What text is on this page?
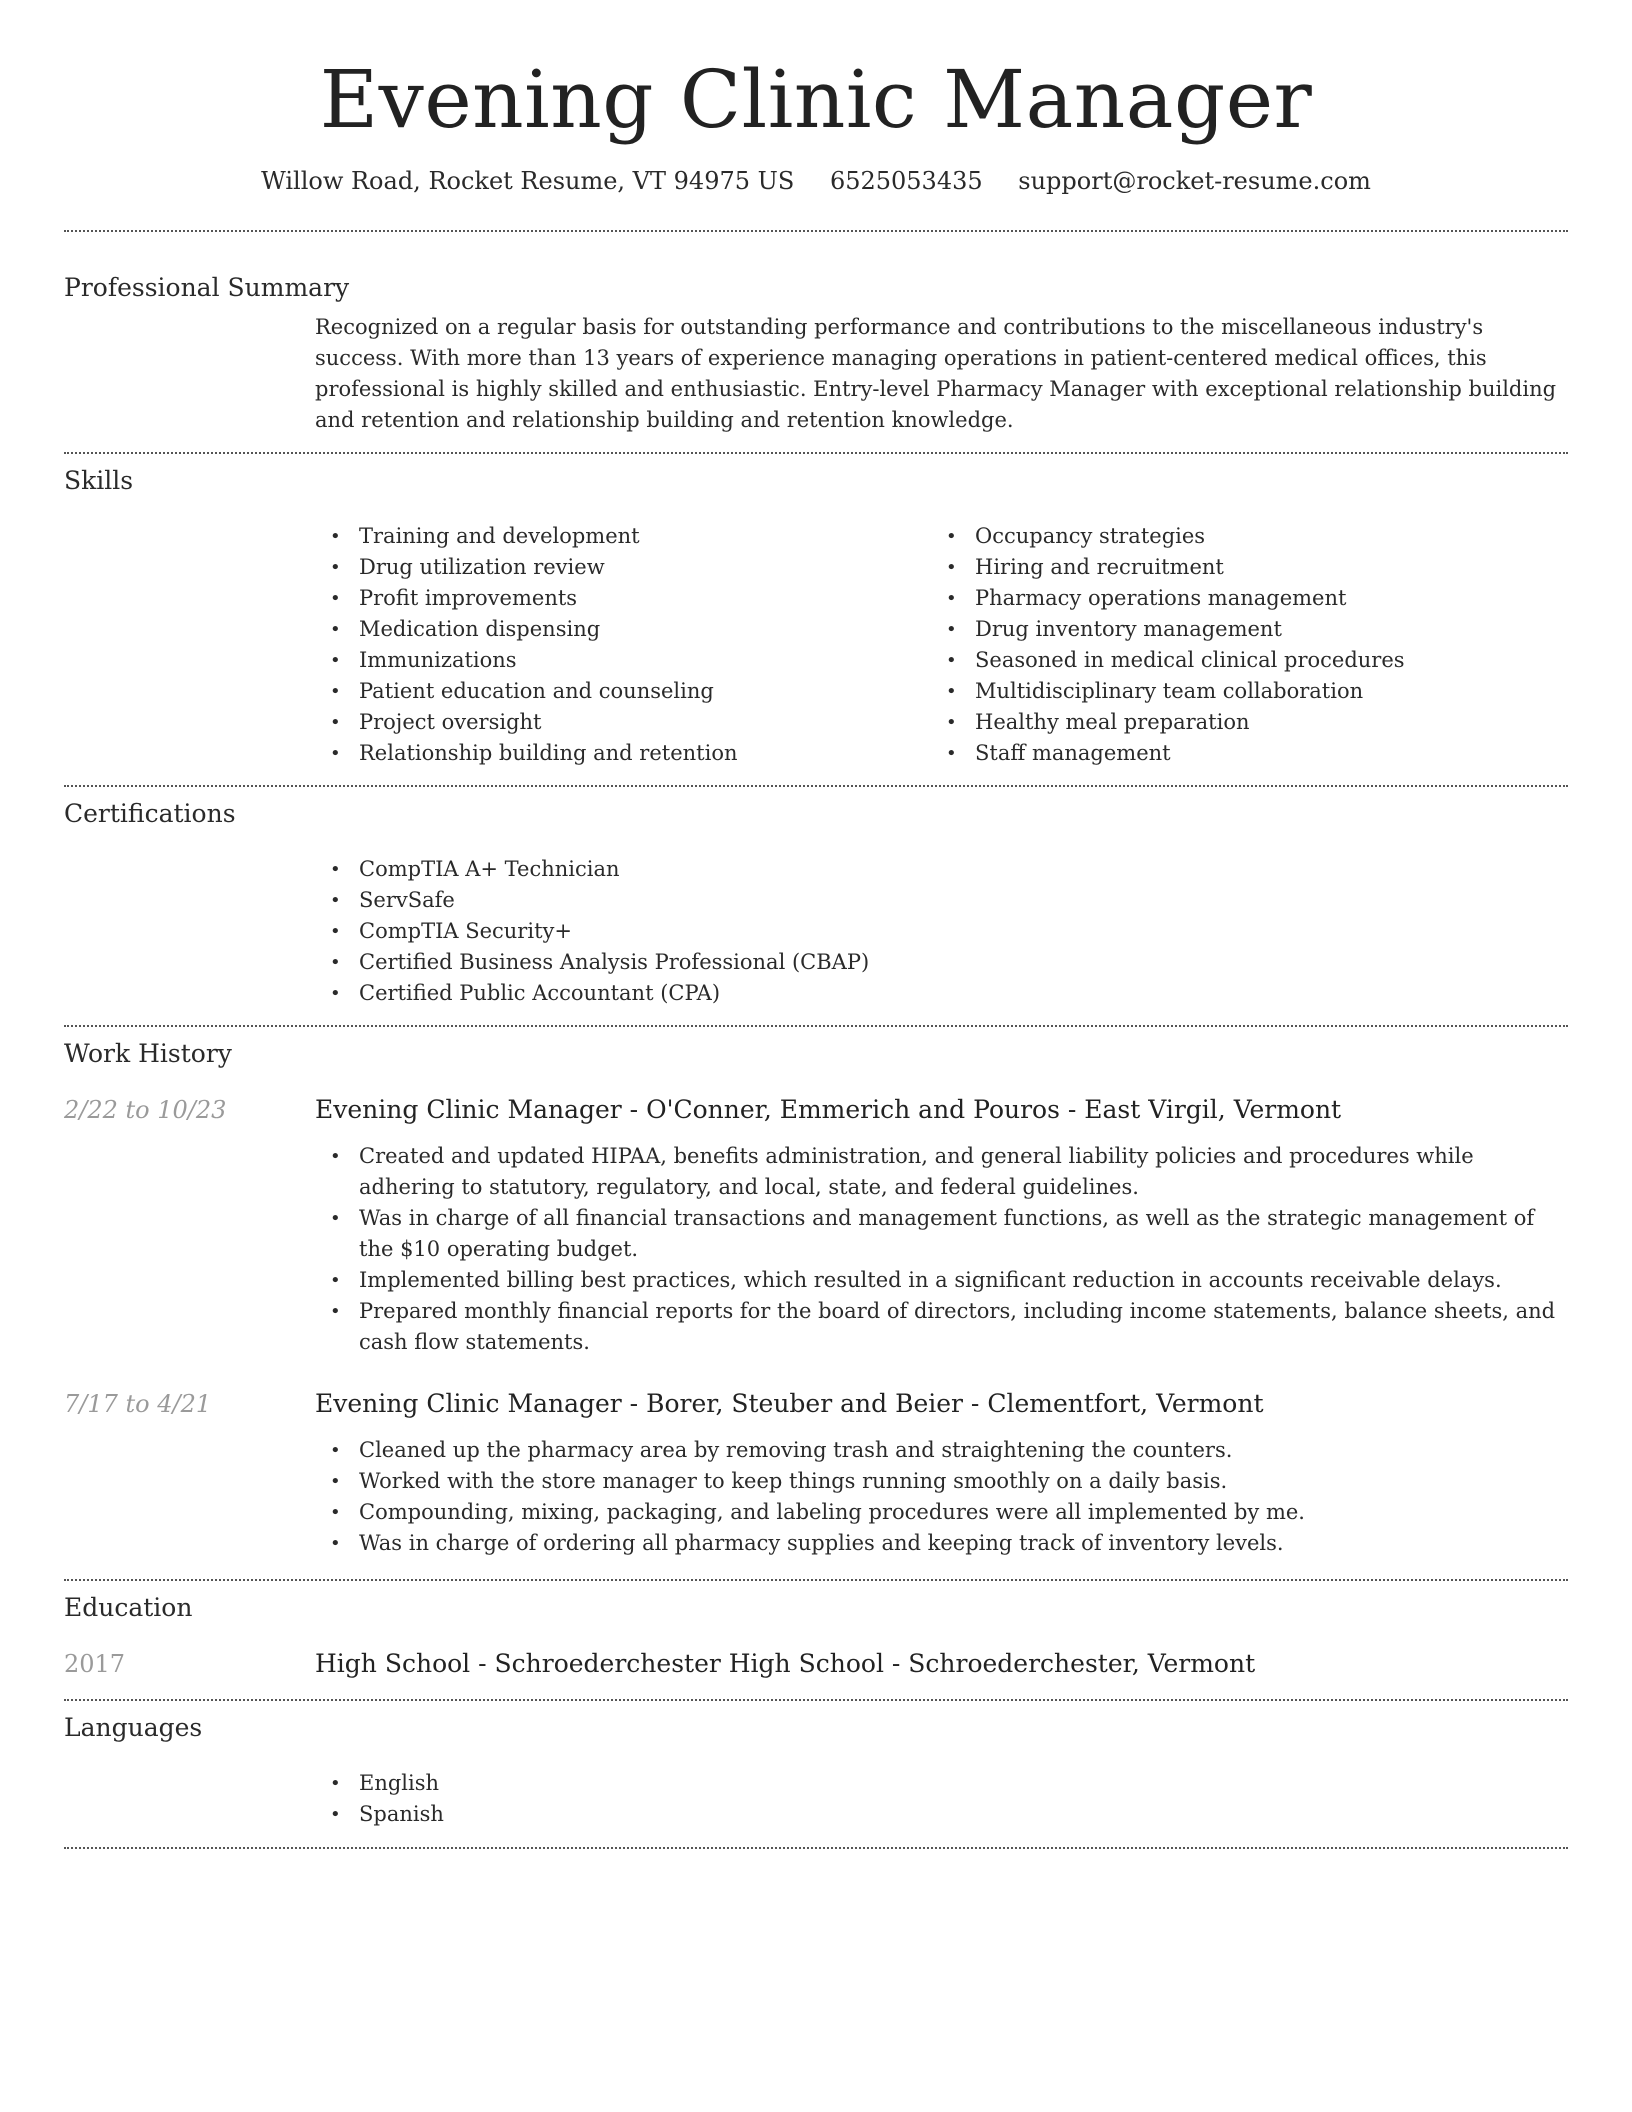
Evening Clinic Manager
Willow Road, Rocket Resume, VT 94975 US 6525053435 support@rocket-resume.com
Professional Summary

Recognized on a regular basis for outstanding performance and contributions to the miscellaneous industry's success. With more than 13 years of experience managing operations in patient-centered medical offices, this professional is highly skilled and enthusiastic. Entry-level Pharmacy Manager with exceptional relationship building and retention and relationship building and retention knowledge.

Skills
• Training and development
• Drug utilization review
• Profit improvements
• Medication dispensing
• Immunizations
• Patient education and counseling
• Project oversight
• Relationship building and retention
• Occupancy strategies
• Hiring and recruitment
• Pharmacy operations management
• Drug inventory management
• Seasoned in medical clinical procedures
• Multidisciplinary team collaboration
• Healthy meal preparation
• Staff management
Certifications
• CompTIA A+ Technician
• ServSafe
• CompTIA Security+
• Certified Business Analysis Professional (CBAP)
• Certified Public Accountant (CPA)
Work History
2/22 to 10/23	Evening Clinic Manager - O'Conner, Emmerich and Pouros - East Virgil, Vermont
• Created and updated HIPAA, benefits administration, and general liability policies and procedures while adhering to statutory, regulatory, and local, state, and federal guidelines.
• Was in charge of all financial transactions and management functions, as well as the strategic management of the $10 operating budget.
• Implemented billing best practices, which resulted in a significant reduction in accounts receivable delays.
• Prepared monthly financial reports for the board of directors, including income statements, balance sheets, and cash flow statements.
7/17 to 4/21	Evening Clinic Manager - Borer, Steuber and Beier - Clementfort, Vermont
• Cleaned up the pharmacy area by removing trash and straightening the counters.
• Worked with the store manager to keep things running smoothly on a daily basis.
• Compounding, mixing, packaging, and labeling procedures were all implemented by me.
• Was in charge of ordering all pharmacy supplies and keeping track of inventory levels.
Education
2017	High School - Schroederchester High School - Schroederchester, Vermont
Languages
• English
• Spanish
